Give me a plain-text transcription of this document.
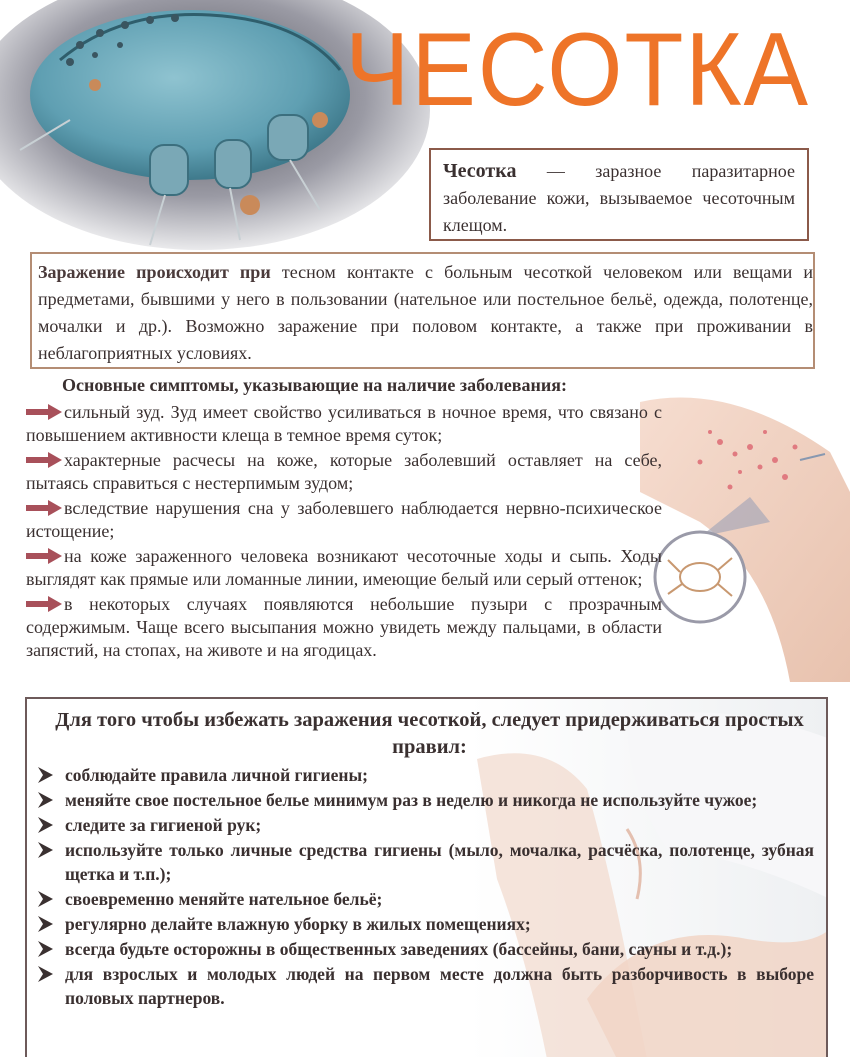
ЧЕСОТКА
Чесотка — заразное паразитарное заболевание кожи, вызываемое чесоточным клещом.
Заражение происходит при тесном контакте с больным чесоткой человеком или вещами и предметами, бывшими у него в пользовании (нательное или постельное бельё, одежда, полотенце, мочалки и др.). Возможно заражение при половом контакте, а также при проживании в неблагоприятных условиях.

Основные симптомы, указывающие на наличие заболевания:

сильный зуд. Зуд имеет свойство усиливаться в ночное время, что связано с повышением активности клеща в темное время суток;
характерные расчесы на коже, которые заболевший оставляет на себе, пытаясь справиться с нестерпимым зудом;
вследствие нарушения сна у заболевшего наблюдается нервно-психическое истощение;
на коже зараженного человека возникают чесоточные ходы и сыпь. Ходы выглядят как прямые или ломанные линии, имеющие белый или серый оттенок;
в некоторых случаях появляются небольшие пузыри с прозрачным содержимым. Чаще всего высыпания можно увидеть между пальцами, в области запястий, на стопах, на животе и на ягодицах.
Для того чтобы избежать заражения чесоткой, следует придерживаться простых правил:
соблюдайте правила личной гигиены;
меняйте свое постельное белье минимум раз в неделю и никогда не используйте чужое;
следите за гигиеной рук;
используйте только личные средства гигиены (мыло, мочалка, расчёска, полотенце, зубная щетка и т.п.);
своевременно меняйте нательное бельё;
регулярно делайте влажную уборку в жилых помещениях;
всегда будьте осторожны в общественных заведениях (бассейны, бани, сауны и т.д.);
для взрослых и молодых людей на первом месте должна быть разборчивость в выборе половых партнеров.
